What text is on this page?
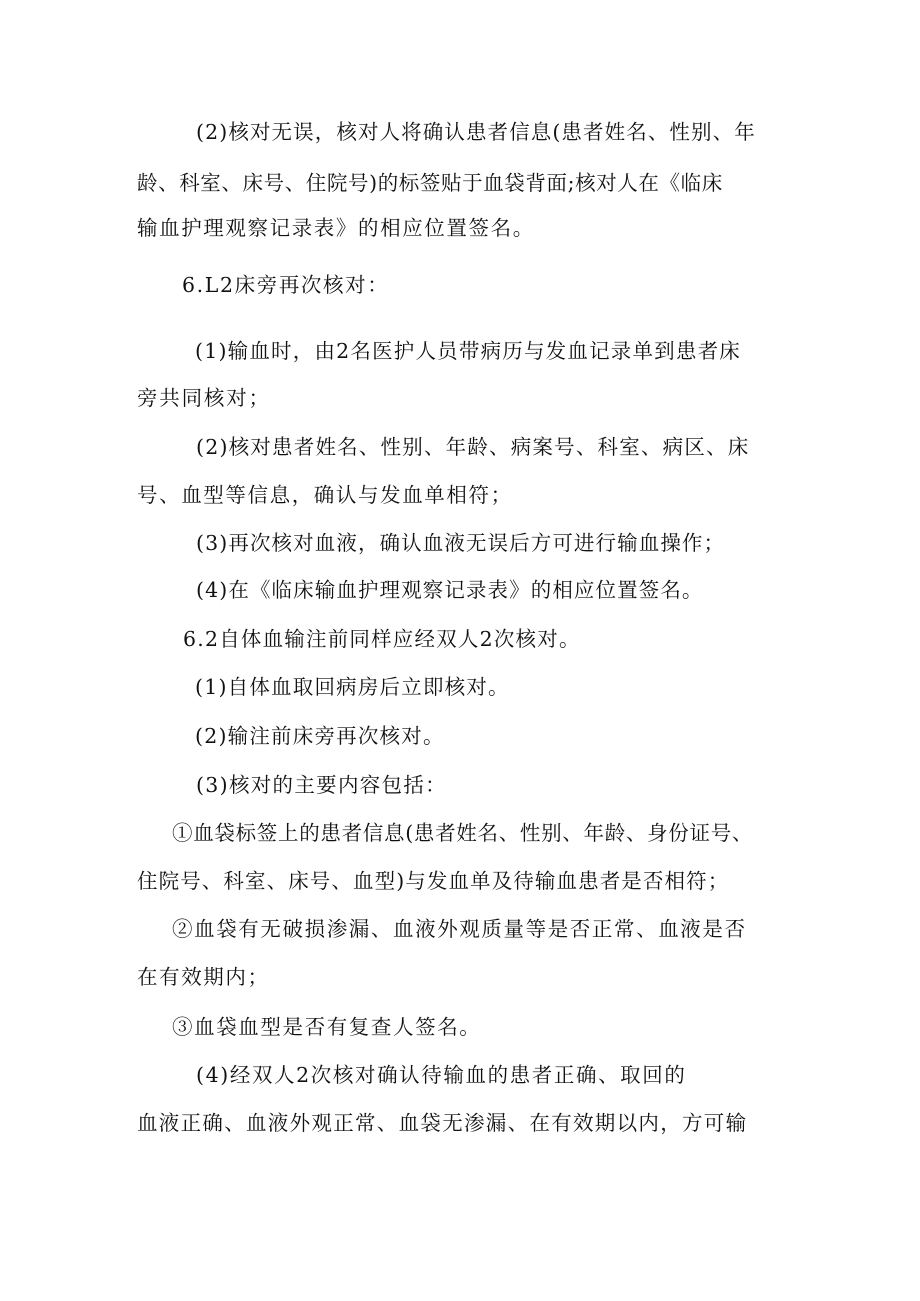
(2)核对无误，核对人将确认患者信息(患者姓名、性别、年
龄、科室、床号、住院号)的标签贴于血袋背面;核对人在《临床
输血护理观察记录表》的相应位置签名。
6.L2床旁再次核对：
(1)输血时，由2名医护人员带病历与发血记录单到患者床
旁共同核对；
(2)核对患者姓名、性别、年龄、病案号、科室、病区、床
号、血型等信息，确认与发血单相符；
(3)再次核对血液，确认血液无误后方可进行输血操作；
(4)在《临床输血护理观察记录表》的相应位置签名。
6.2自体血输注前同样应经双人2次核对。
(1)自体血取回病房后立即核对。
(2)输注前床旁再次核对。
(3)核对的主要内容包括：
①血袋标签上的患者信息(患者姓名、性别、年龄、身份证号、
住院号、科室、床号、血型)与发血单及待输血患者是否相符；
②血袋有无破损渗漏、血液外观质量等是否正常、血液是否
在有效期内；
③血袋血型是否有复查人签名。
(4)经双人2次核对确认待输血的患者正确、取回的
血液正确、血液外观正常、血袋无渗漏、在有效期以内，方可输
